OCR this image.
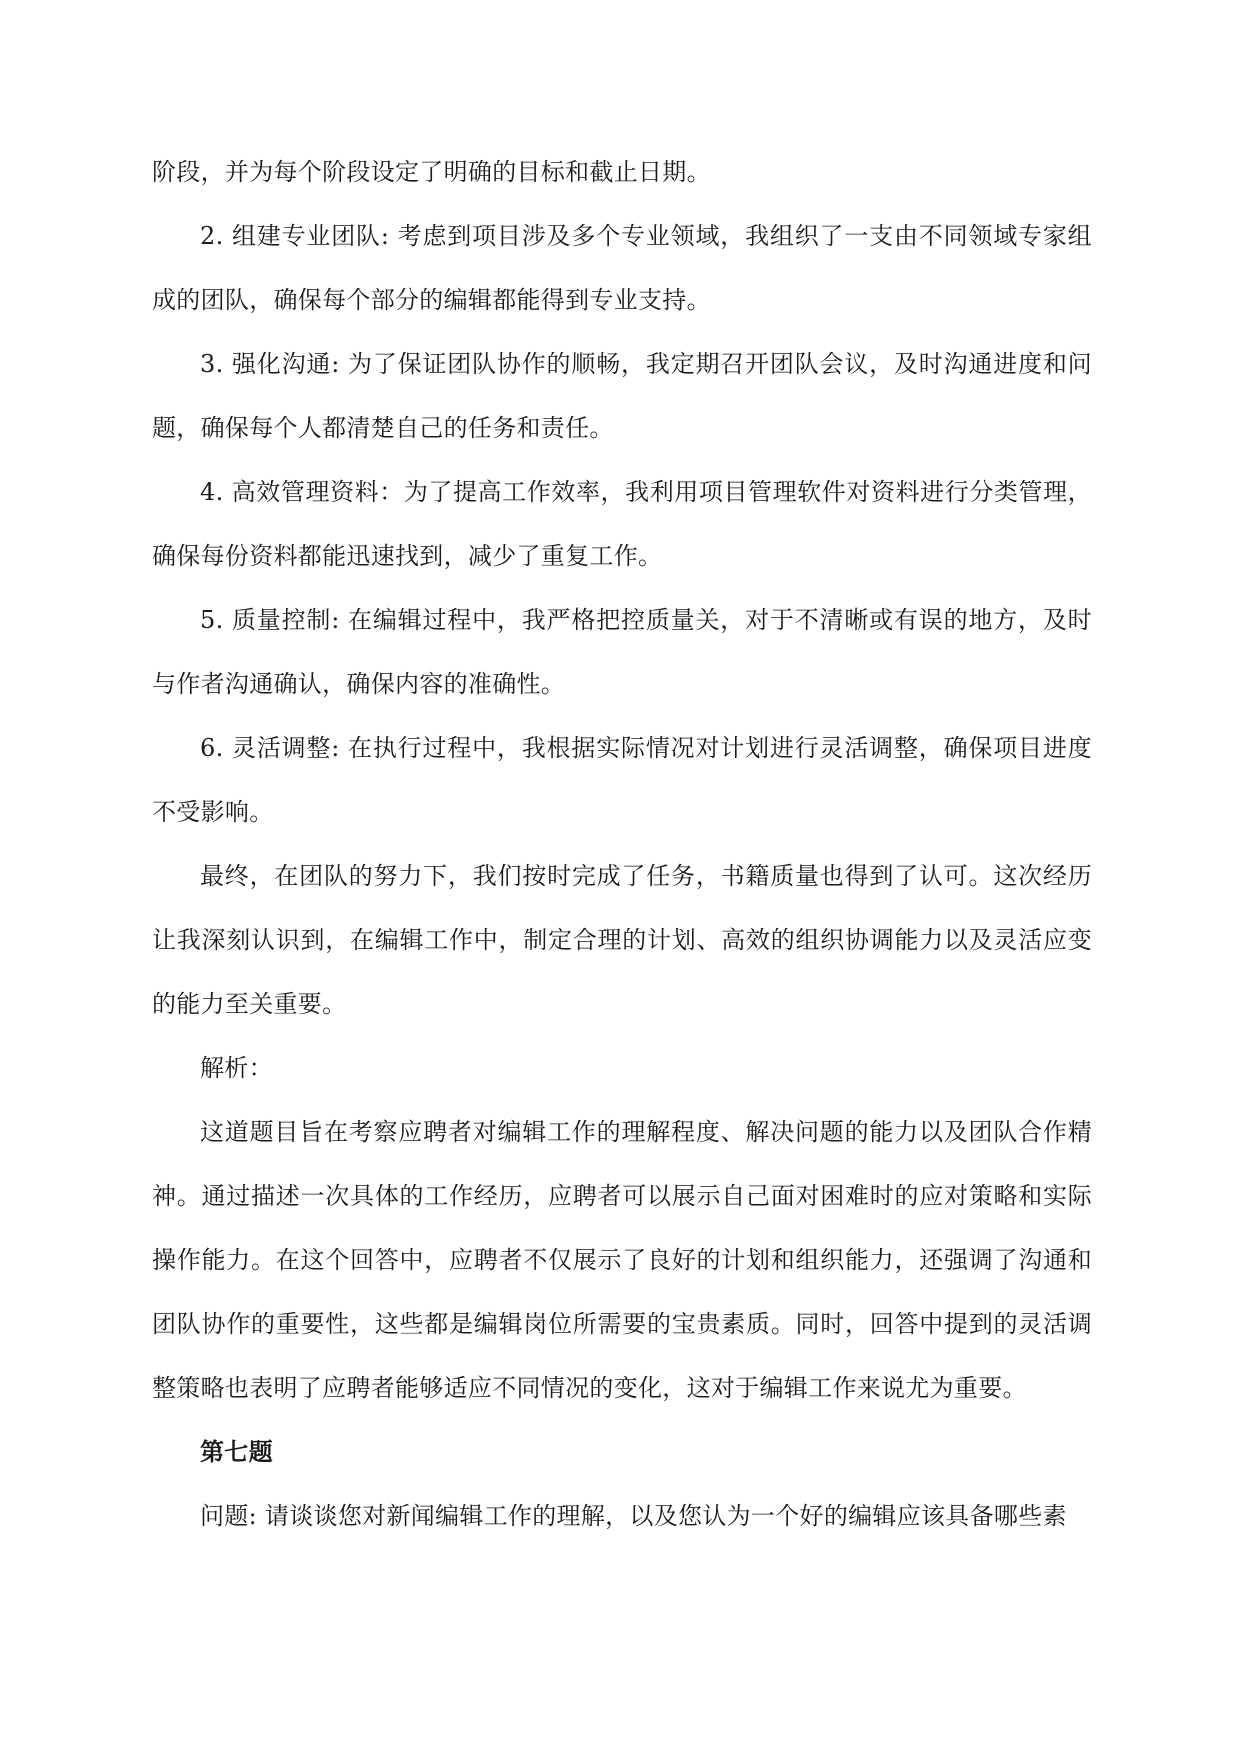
阶段，并为每个阶段设定了明确的目标和截止日期。

2. 组建专业团队: 考虑到项目涉及多个专业领域，我组织了一支由不同领域专家组成的团队，确保每个部分的编辑都能得到专业支持。

3. 强化沟通: 为了保证团队协作的顺畅，我定期召开团队会议，及时沟通进度和问题，确保每个人都清楚自己的任务和责任。

4. 高效管理资料：为了提高工作效率，我利用项目管理软件对资料进行分类管理，确保每份资料都能迅速找到，减少了重复工作。

5. 质量控制: 在编辑过程中，我严格把控质量关，对于不清晰或有误的地方，及时与作者沟通确认，确保内容的准确性。

6. 灵活调整: 在执行过程中，我根据实际情况对计划进行灵活调整，确保项目进度不受影响。

最终，在团队的努力下，我们按时完成了任务，书籍质量也得到了认可。这次经历让我深刻认识到，在编辑工作中，制定合理的计划、高效的组织协调能力以及灵活应变的能力至关重要。

解析：

这道题目旨在考察应聘者对编辑工作的理解程度、解决问题的能力以及团队合作精神。通过描述一次具体的工作经历，应聘者可以展示自己面对困难时的应对策略和实际操作能力。在这个回答中，应聘者不仅展示了良好的计划和组织能力，还强调了沟通和团队协作的重要性，这些都是编辑岗位所需要的宝贵素质。同时，回答中提到的灵活调整策略也表明了应聘者能够适应不同情况的变化，这对于编辑工作来说尤为重要。

第七题

问题: 请谈谈您对新闻编辑工作的理解，以及您认为一个好的编辑应该具备哪些素
